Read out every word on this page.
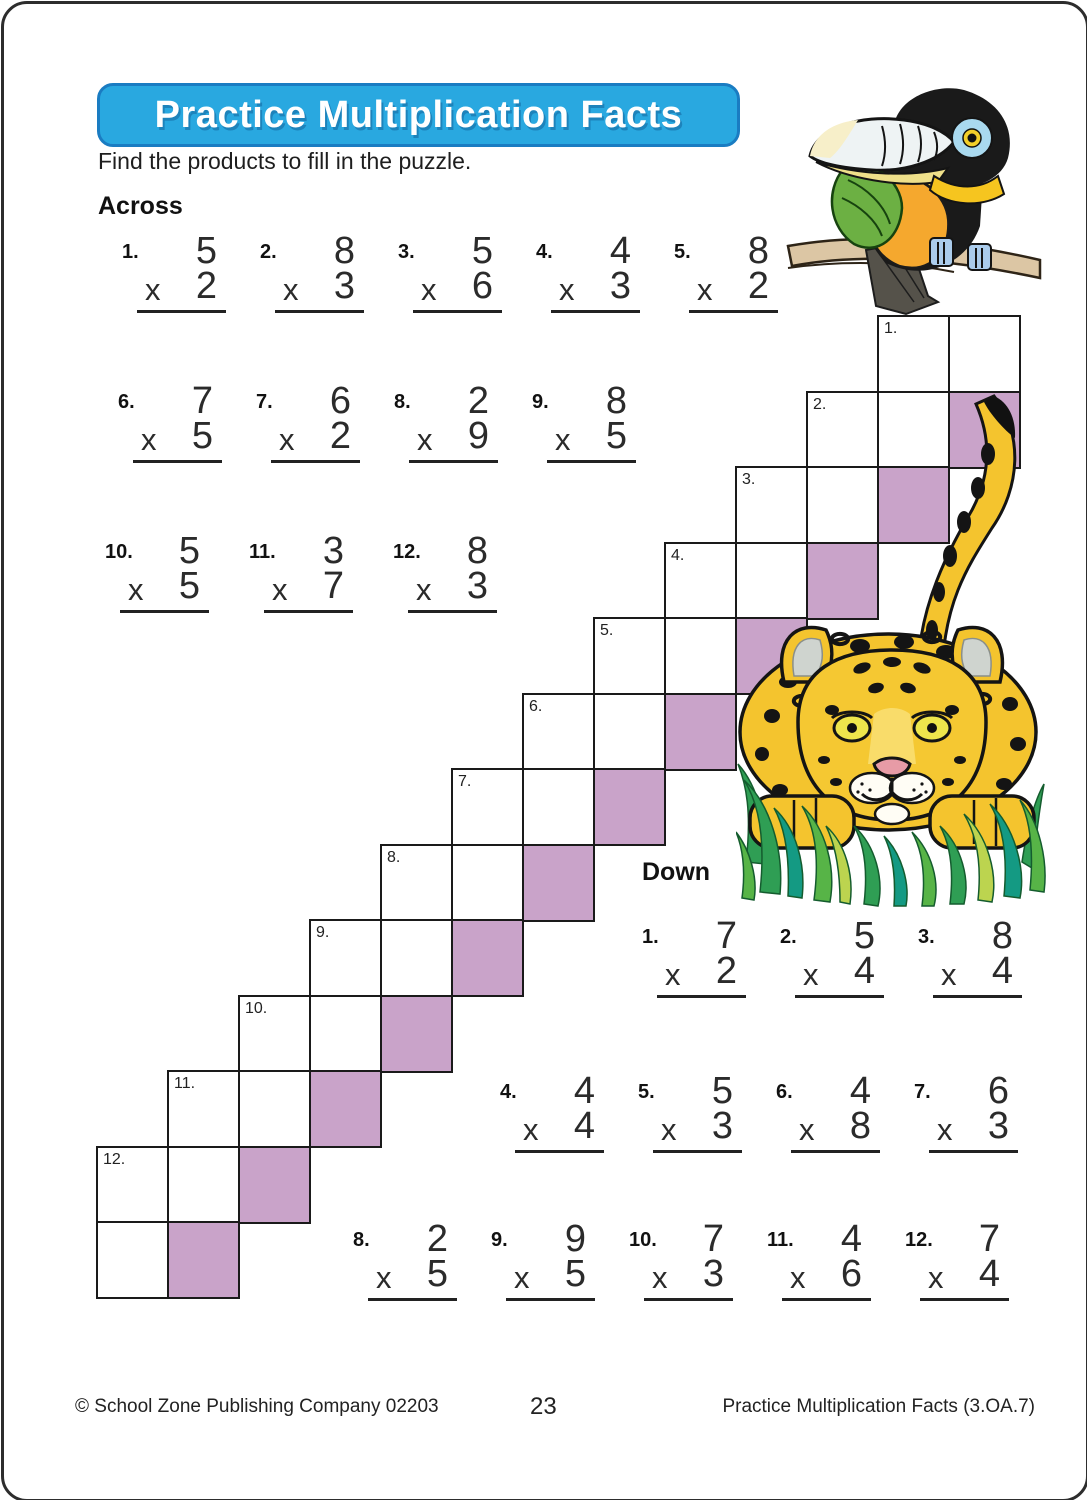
Practice Multiplication Facts
Find the products to fill in the puzzle.
Across
Down
1.
2.
3.
4.
5.
6.
7.
8.
9.
10.
11.
12.
1. 5
x 2
2. 8
x 3
3. 5
x 6
4. 4
x 3
5. 8
x 2
6. 7
x 5
7. 6
x 2
8. 2
x 9
9. 8
x 5
10. 5
x 5
11. 3
x 7
12. 8
x 3
1. 7
x 2
2. 5
x 4
3. 8
x 4
4. 4
x 4
5. 5
x 3
6. 4
x 8
7. 6
x 3
8. 2
x 5
9. 9
x 5
10. 7
x 3
11. 4
x 6
12. 7
x 4
© School Zone Publishing Company 02203	23	Practice Multiplication Facts (3.OA.7)
